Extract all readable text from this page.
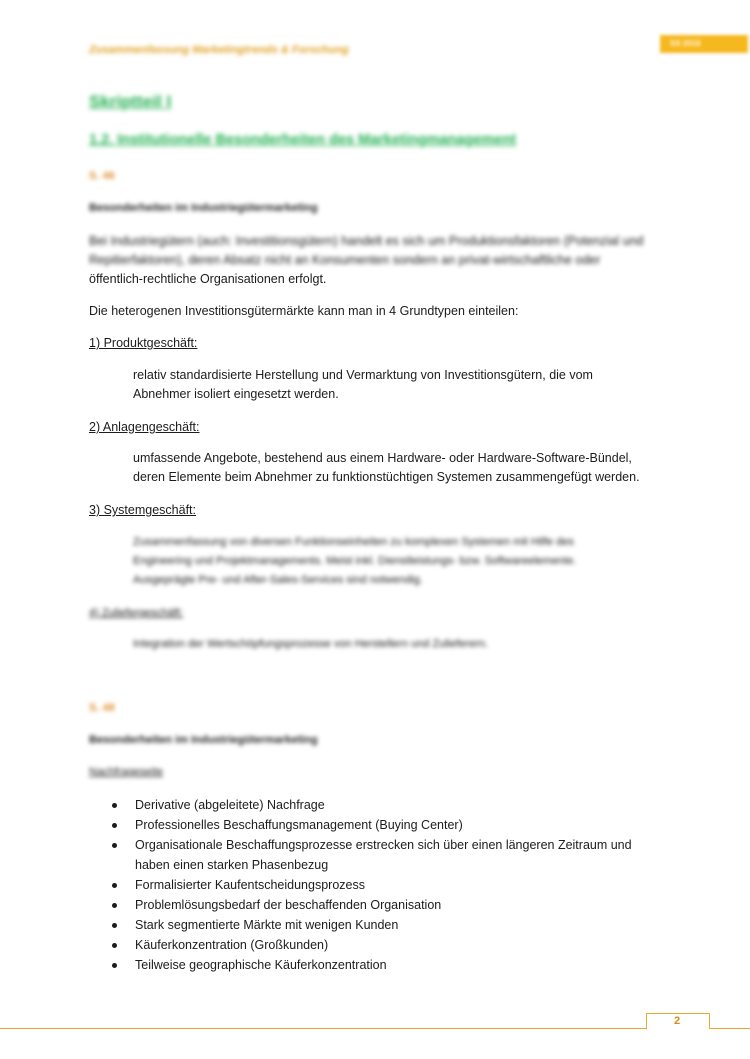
Zusammenfassung Marketingtrends & Forschung
SS 2016
Skriptteil I
1.2. Institutionelle Besonderheiten des Marketingmanagement
S. 46
Besonderheiten im Industriegütermarketing
Bei Industriegütern (auch: Investitionsgütern) handelt es sich um Produktionsfaktoren (Potenzial und
Repitierfaktoren), deren Absatz nicht an Konsumenten sondern an privat-wirtschaftliche oder
öffentlich-rechtliche Organisationen erfolgt.
Die heterogenen Investitionsgütermärkte kann man in 4 Grundtypen einteilen:
1) Produktgeschäft:
relativ standardisierte Herstellung und Vermarktung von Investitionsgütern, die vom
Abnehmer isoliert eingesetzt werden.
2) Anlagengeschäft:
umfassende Angebote, bestehend aus einem Hardware- oder Hardware-Software-Bündel,
deren Elemente beim Abnehmer zu funktionstüchtigen Systemen zusammengefügt werden.
3) Systemgeschäft:
Zusammenfassung von diversen Funktionseinheiten zu komplexen Systemen mit Hilfe des
Engineering und Projektmanagements. Meist inkl. Dienstleistungs- bzw. Softwareelemente.
Ausgeprägte Pre- und After-Sales-Services sind notwendig.
4) Zuliefergeschäft:
Integration der Wertschöpfungsprozesse von Herstellern und Zulieferern.
S. 48
Besonderheiten im Industriegütermarketing
Nachfrageseite
Derivative (abgeleitete) Nachfrage
Professionelles Beschaffungsmanagement (Buying Center)
Organisationale Beschaffungsprozesse erstrecken sich über einen längeren Zeitraum und
haben einen starken Phasenbezug
Formalisierter Kaufentscheidungsprozess
Problemlösungsbedarf der beschaffenden Organisation
Stark segmentierte Märkte mit wenigen Kunden
Käuferkonzentration (Großkunden)
Teilweise geographische Käuferkonzentration
2
